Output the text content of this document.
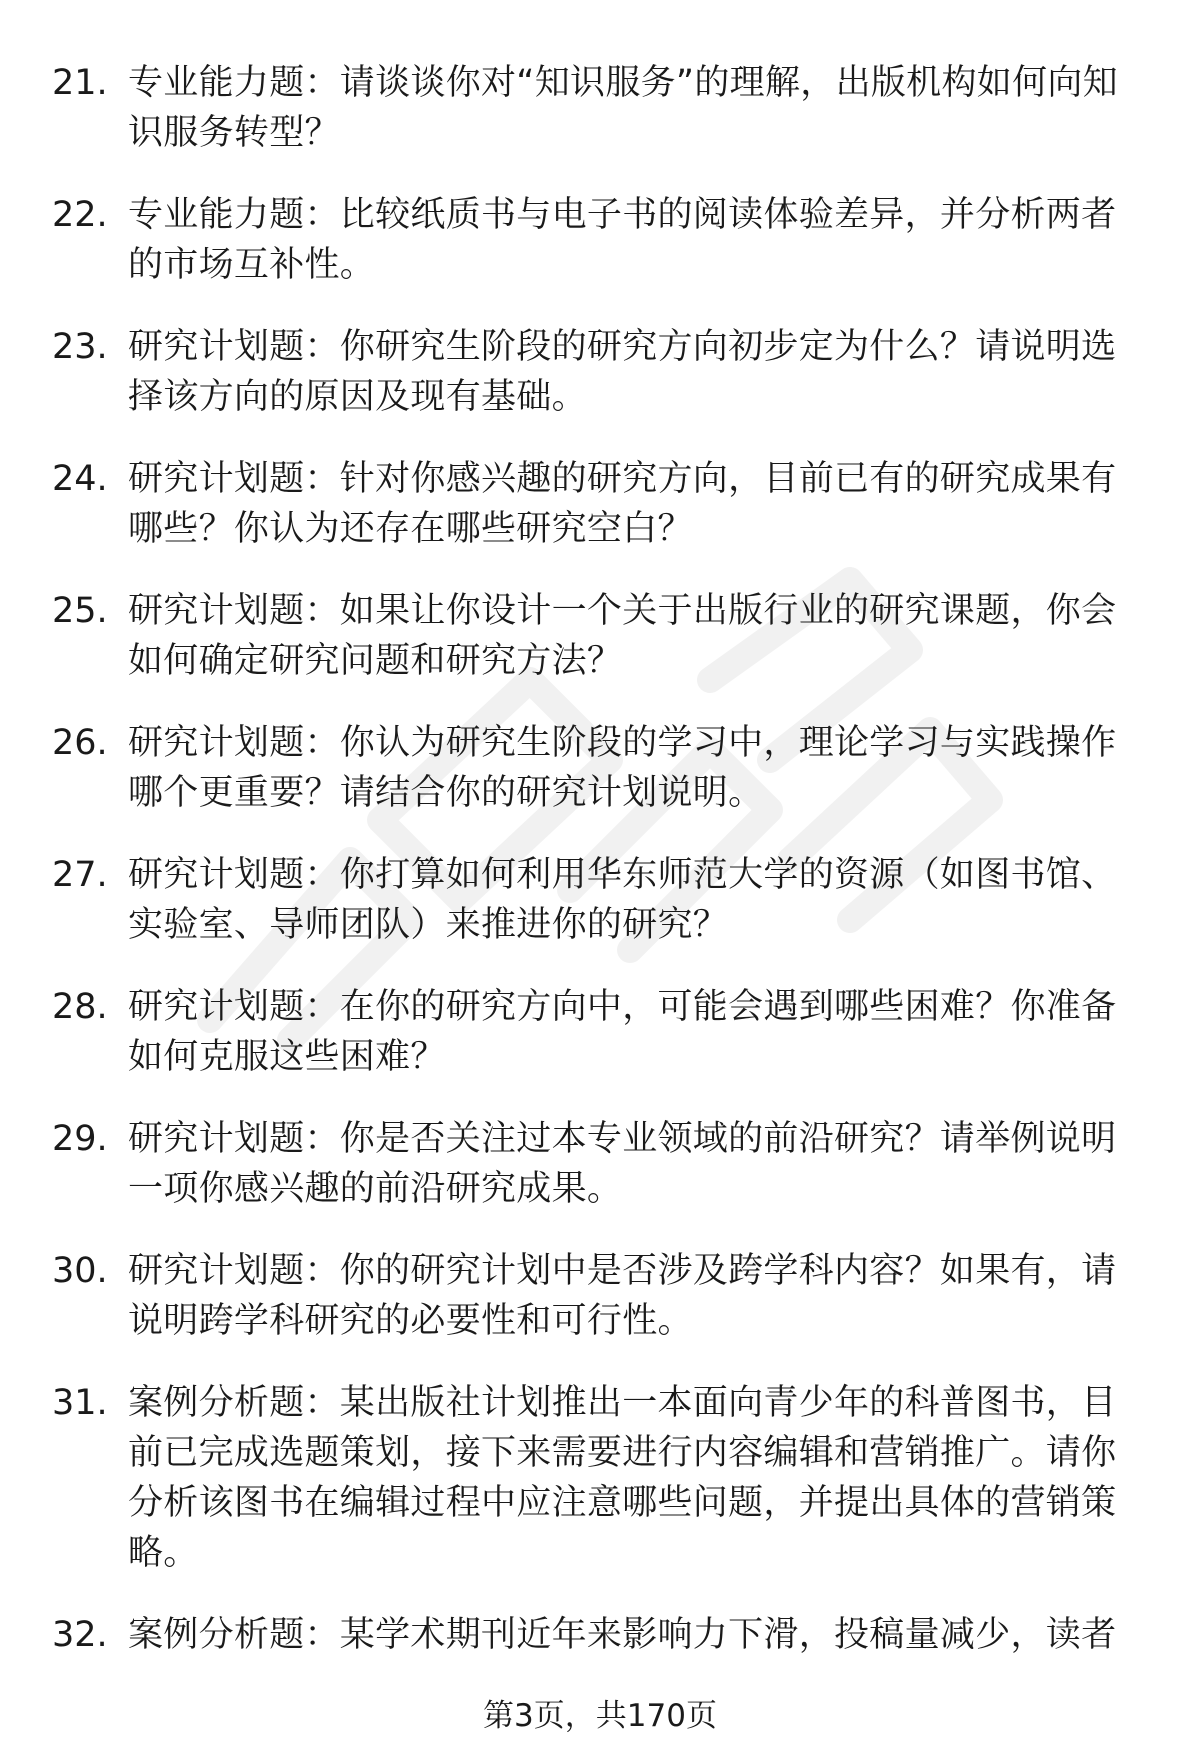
21. 专业能力题：请谈谈你对“知识服务”的理解，出版机构如何向知识服务转型？
22. 专业能力题：比较纸质书与电子书的阅读体验差异，并分析两者的市场互补性。
23. 研究计划题：你研究生阶段的研究方向初步定为什么？请说明选择该方向的原因及现有基础。
24. 研究计划题：针对你感兴趣的研究方向，目前已有的研究成果有哪些？你认为还存在哪些研究空白？
25. 研究计划题：如果让你设计一个关于出版行业的研究课题，你会如何确定研究问题和研究方法？
26. 研究计划题：你认为研究生阶段的学习中，理论学习与实践操作哪个更重要？请结合你的研究计划说明。
27. 研究计划题：你打算如何利用华东师范大学的资源（如图书馆、实验室、导师团队）来推进你的研究？
28. 研究计划题：在你的研究方向中，可能会遇到哪些困难？你准备如何克服这些困难？
29. 研究计划题：你是否关注过本专业领域的前沿研究？请举例说明一项你感兴趣的前沿研究成果。
30. 研究计划题：你的研究计划中是否涉及跨学科内容？如果有，请说明跨学科研究的必要性和可行性。
31. 案例分析题：某出版社计划推出一本面向青少年的科普图书，目前已完成选题策划，接下来需要进行内容编辑和营销推广。请你分析该图书在编辑过程中应注意哪些问题，并提出具体的营销策略。
32. 案例分析题：某学术期刊近年来影响力下滑，投稿量减少，读者
第3页，共170页
